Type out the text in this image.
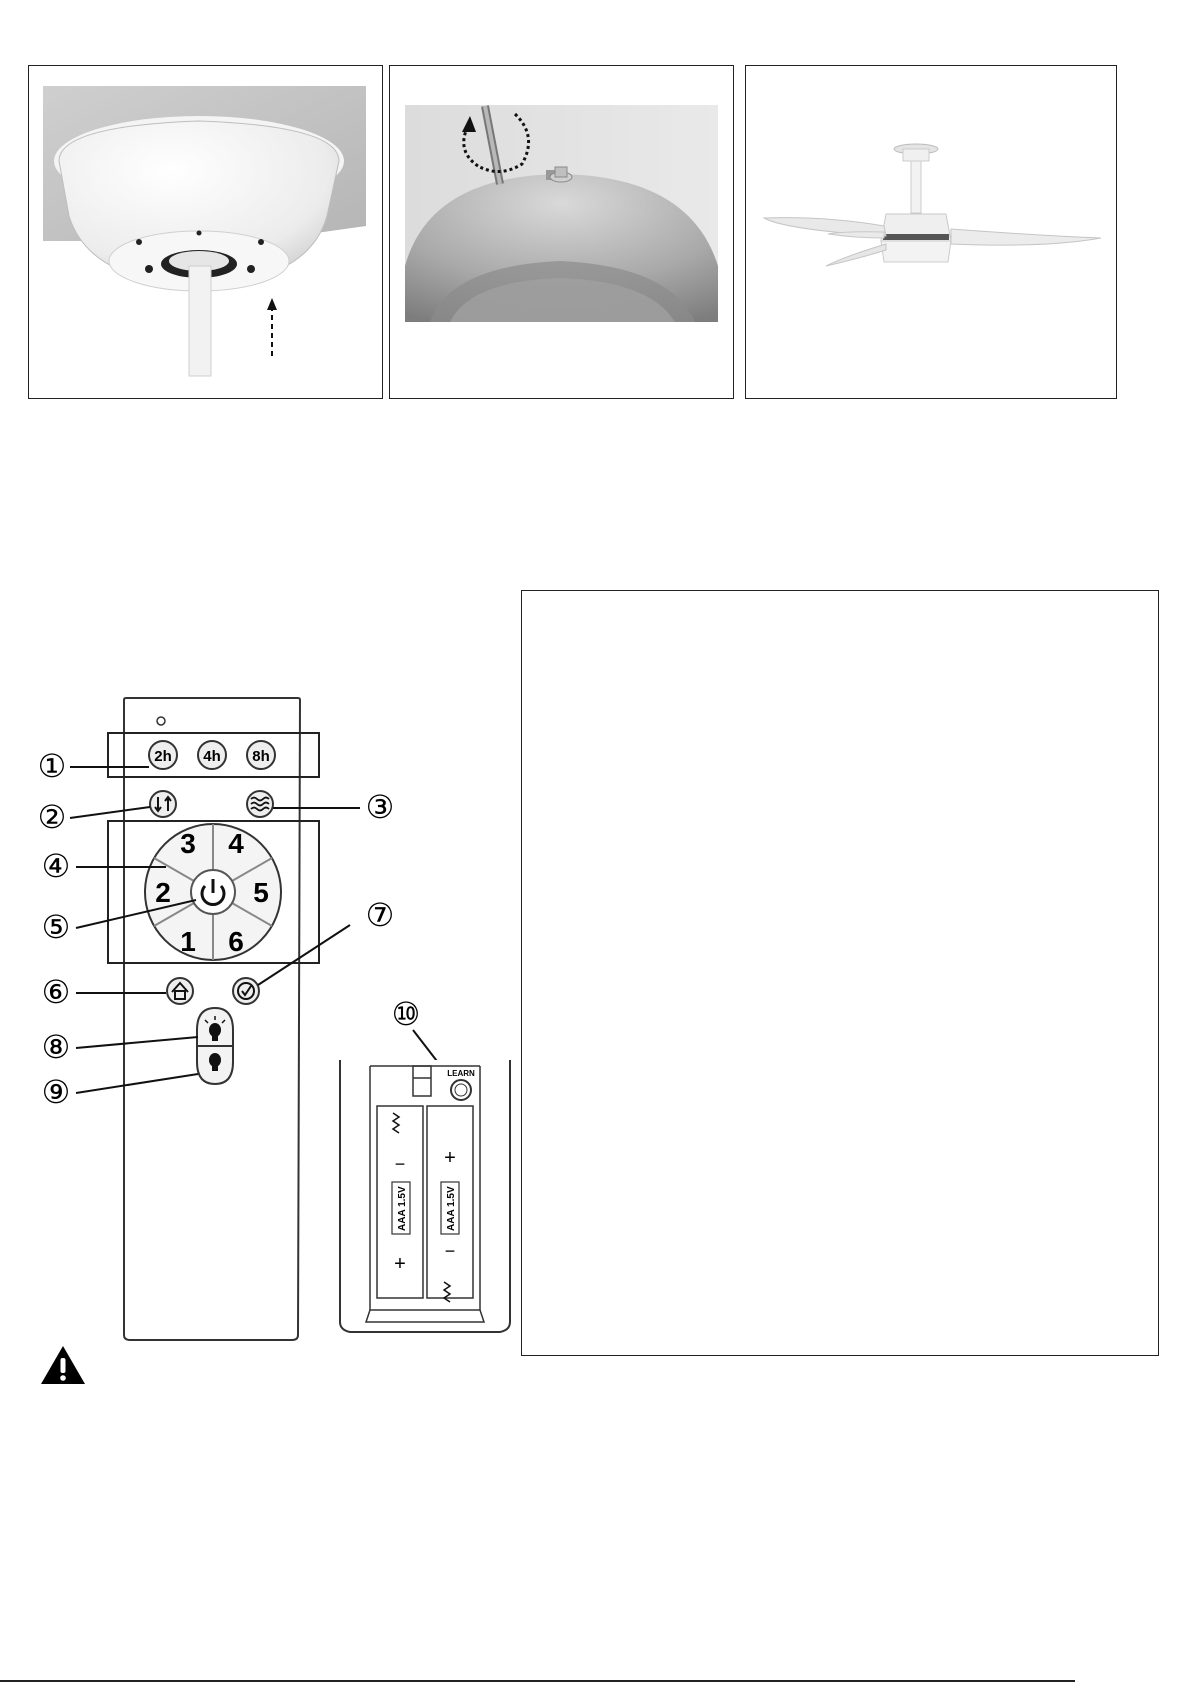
2h 4h 8h
3 4
2	5
1 6
①
②	③
④
⑤
⑥
⑦
⑧
⑨
⑩
LEARN
−
+
+
−
AAA 1.5V	AAA 1.5V
